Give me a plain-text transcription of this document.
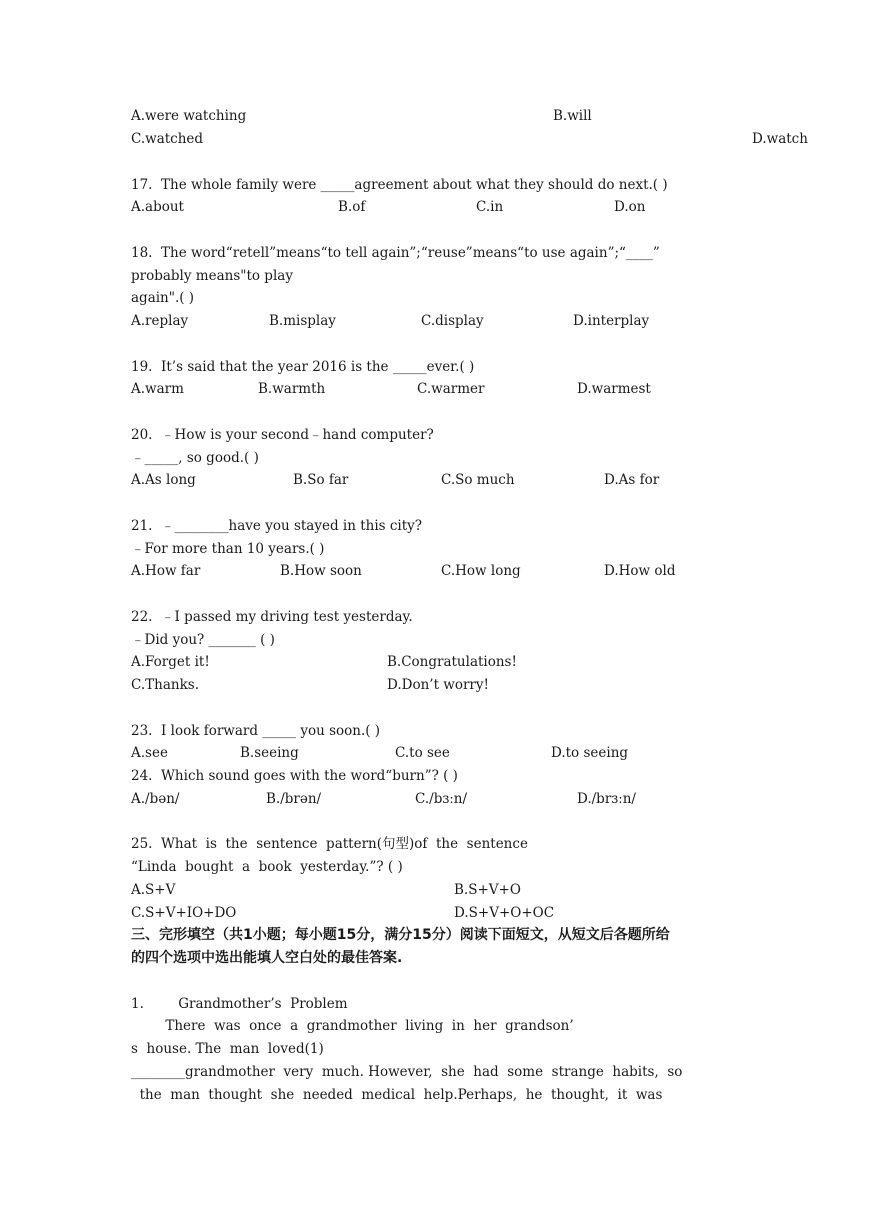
A.were watching	B.will
C.watched	D.watch
17.  The whole family were _____agreement about what they should do next.( )
A.about	B.of	C.in	D.on
18.  The word“retell”means“to tell again”;“reuse”means“to use again”;“____”
probably means"to play
again".( )
A.replay	B.misplay	C.display	D.interplay
19.  It’s said that the year 2016 is the _____ever.( )
A.warm	B.warmth	C.warmer	D.warmest
20.  ﹣How is your second﹣hand computer?
﹣_____, so good.( )
A.As long	B.So far	C.So much	D.As for
21.  ﹣________have you stayed in this city?
﹣For more than 10 years.( )
A.How far	B.How soon	C.How long	D.How old
22.  ﹣I passed my driving test yesterday.
﹣Did you? _______ ( )
A.Forget it!	B.Congratulations!
C.Thanks.	D.Don’t worry!
23.  I look forward _____ you soon.( )
A.see	B.seeing	C.to see	D.to seeing
24.  Which sound goes with the word“burn”? ( )
A./bən/	B./brən/	C./bɜːn/	D./brɜːn/
25.  What  is  the  sentence  pattern(句型)of  the  sentence
“Linda  bought  a  book  yesterday.”? ( )
A.S+V	B.S+V+O
C.S+V+IO+DO	D.S+V+O+OC
三、完形填空（共1小题；每小题15分，满分15分）阅读下面短文，从短文后各题所给
的四个选项中选出能填人空白处的最佳答案.
1.        Grandmother’s  Problem
There  was  once  a  grandmother  living  in  her  grandson’
s  house. The  man  loved(1)
________grandmother  very  much. However,  she  had  some  strange  habits,  so
the  man  thought  she  needed  medical  help.Perhaps,  he  thought,  it  was
